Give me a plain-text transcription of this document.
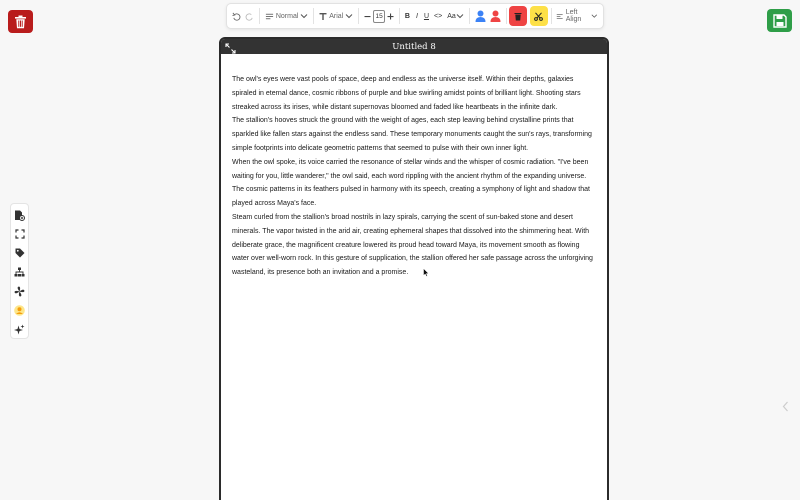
Normal	Arial	15	B I U <> Aa	Left Align
Untitled 8

The owl's eyes were vast pools of space, deep and endless as the universe itself. Within their depths, galaxies spiraled in eternal dance, cosmic ribbons of purple and blue swirling amidst points of brilliant light. Shooting stars streaked across its irises, while distant supernovas bloomed and faded like heartbeats in the infinite dark.

The stallion's hooves struck the ground with the weight of ages, each step leaving behind crystalline prints that sparkled like fallen stars against the endless sand. These temporary monuments caught the sun's rays, transforming simple footprints into delicate geometric patterns that seemed to pulse with their own inner light.

When the owl spoke, its voice carried the resonance of stellar winds and the whisper of cosmic radiation. "I've been waiting for you, little wanderer," the owl said, each word rippling with the ancient rhythm of the expanding universe. The cosmic patterns in its feathers pulsed in harmony with its speech, creating a symphony of light and shadow that played across Maya's face.

Steam curled from the stallion's broad nostrils in lazy spirals, carrying the scent of sun-baked stone and desert minerals. The vapor twisted in the arid air, creating ephemeral shapes that dissolved into the shimmering heat. With deliberate grace, the magnificent creature lowered its proud head toward Maya, its movement smooth as flowing water over well-worn rock. In this gesture of supplication, the stallion offered her safe passage across the unforgiving wasteland, its presence both an invitation and a promise.
